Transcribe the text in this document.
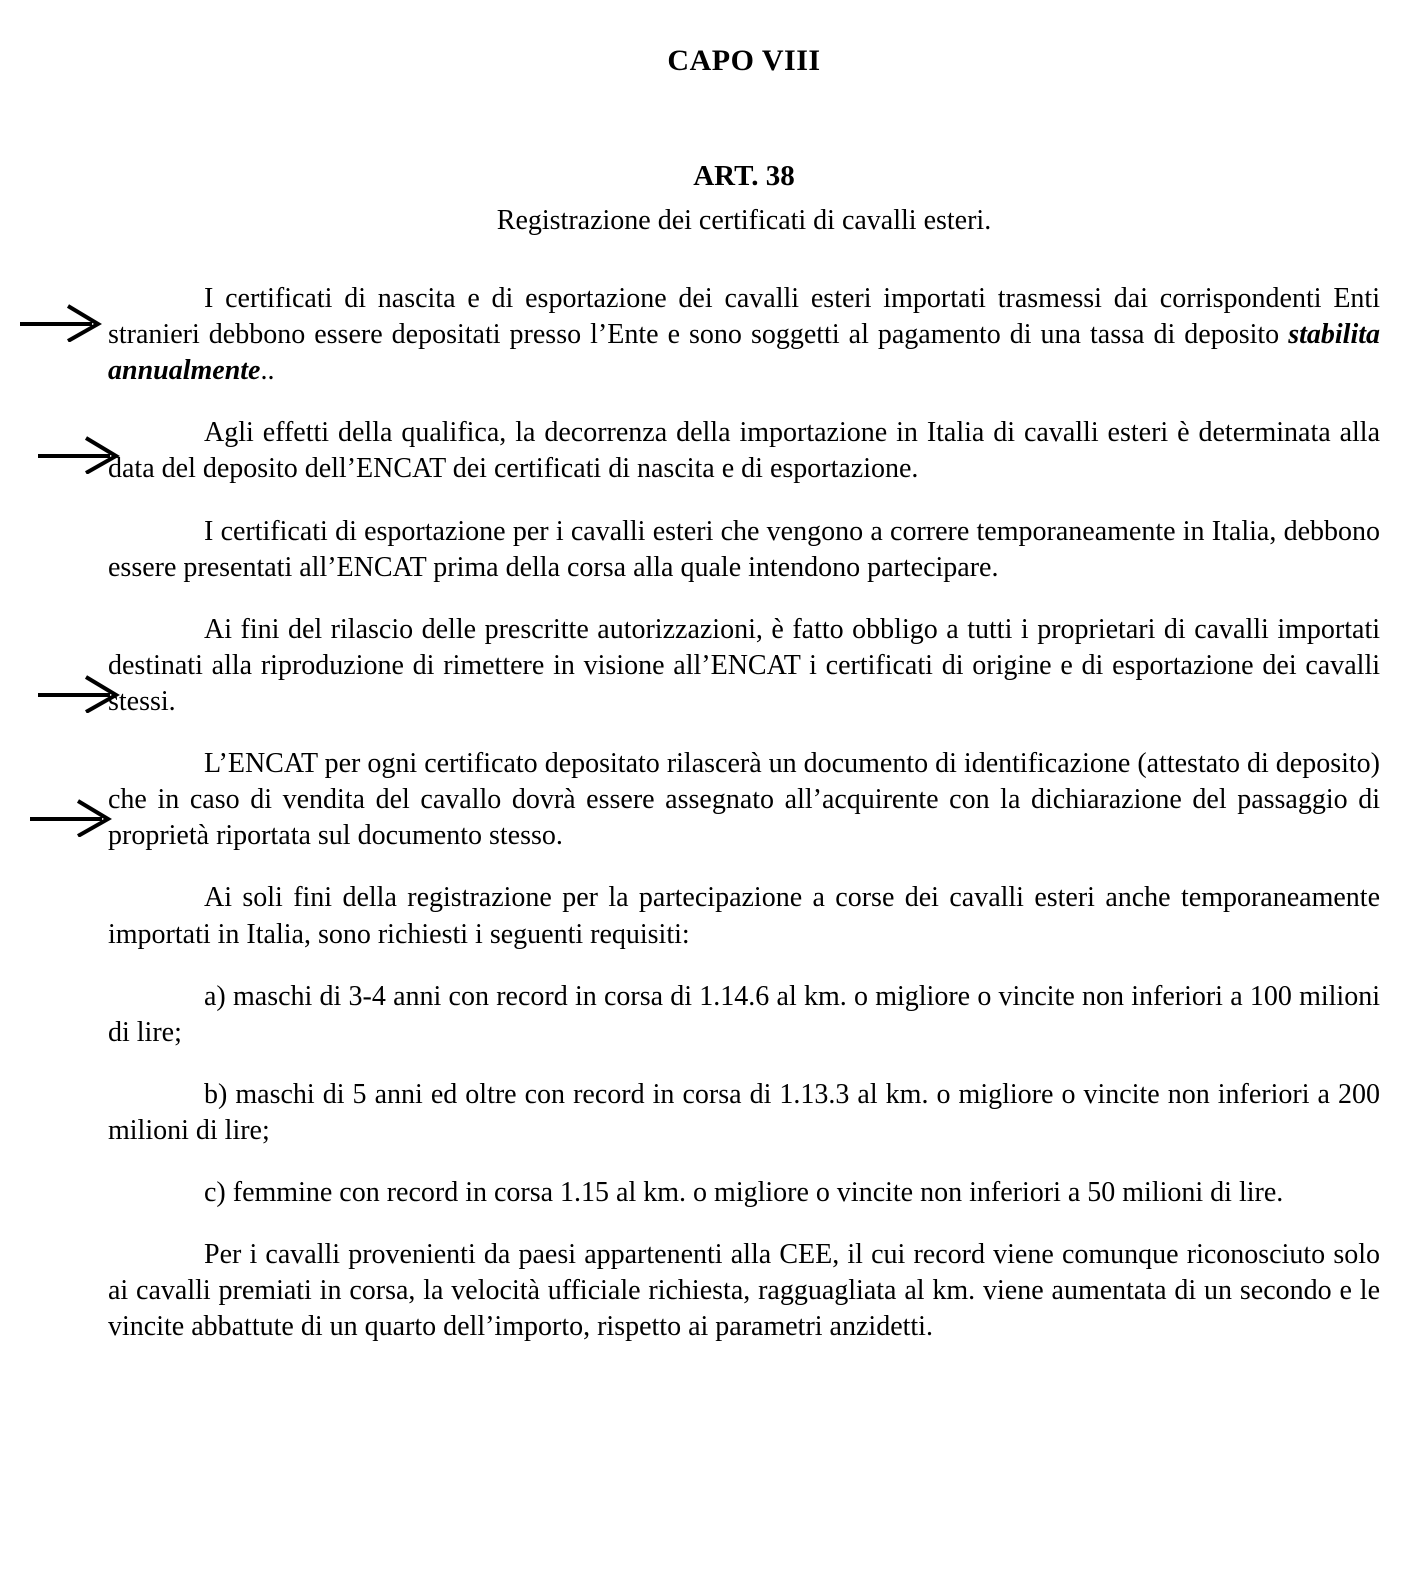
CAPO VIII
ART. 38
Registrazione dei certificati di cavalli esteri.

I certificati di nascita e di esportazione dei cavalli esteri importati trasmessi dai corrispondenti Enti stranieri debbono essere depositati presso l’Ente e sono soggetti al pagamento di una tassa di deposito stabilita annualmente..

Agli effetti della qualifica, la decorrenza della importazione in Italia di cavalli esteri è determinata alla data del deposito dell’ENCAT dei certificati di nascita e di esportazione.

I certificati di esportazione per i cavalli esteri che vengono a correre temporaneamente in Italia, debbono essere presentati all’ENCAT prima della corsa alla quale intendono partecipare.

Ai fini del rilascio delle prescritte autorizzazioni, è fatto obbligo a tutti i proprietari di cavalli importati destinati alla riproduzione di rimettere in visione all’ENCAT i certificati di origine e di esportazione dei cavalli stessi.

L’ENCAT per ogni certificato depositato rilascerà un documento di identificazione (attestato di deposito) che in caso di vendita del cavallo dovrà essere assegnato all’acquirente con la dichiarazione del passaggio di proprietà riportata sul documento stesso.

Ai soli fini della registrazione per la partecipazione a corse dei cavalli esteri anche temporaneamente importati in Italia, sono richiesti i seguenti requisiti:

a) maschi di 3-4 anni con record in corsa di 1.14.6 al km. o migliore o vincite non inferiori a 100 milioni di lire;

b) maschi di 5 anni ed oltre con record in corsa di 1.13.3 al km. o migliore o vincite non inferiori a 200 milioni di lire;

c) femmine con record in corsa 1.15 al km. o migliore o vincite non inferiori a 50 milioni di lire.

Per i cavalli provenienti da paesi appartenenti alla CEE, il cui record viene comunque riconosciuto solo ai cavalli premiati in corsa, la velocità ufficiale richiesta, ragguagliata al km. viene aumentata di un secondo e le vincite abbattute di un quarto dell’importo, rispetto ai parametri anzidetti.
